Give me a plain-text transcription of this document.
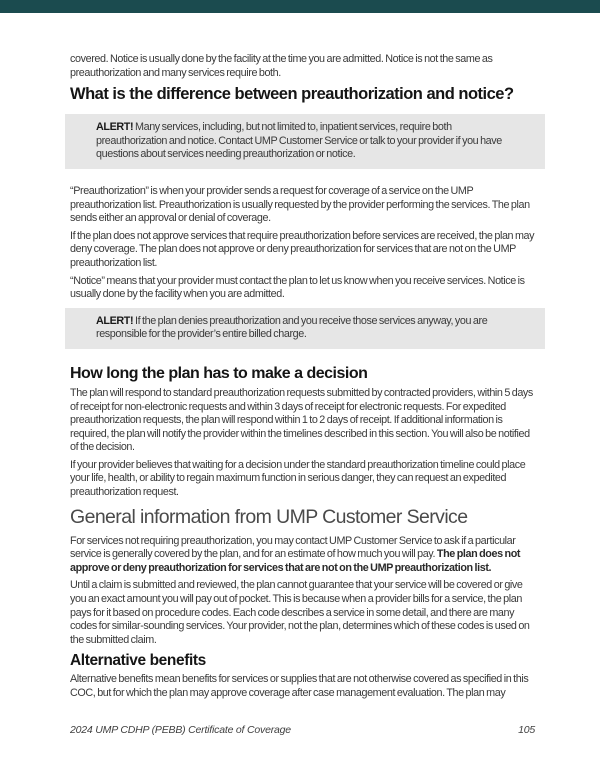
covered. Notice is usually done by the facility at the time you are admitted. Notice is not the same as preauthorization and many services require both.

What is the difference between preauthorization and notice?

ALERT! Many services, including, but not limited to, inpatient services, require both preauthorization and notice. Contact UMP Customer Service or talk to your provider if you have questions about services needing preauthorization or notice.

“Preauthorization” is when your provider sends a request for coverage of a service on the UMP preauthorization list. Preauthorization is usually requested by the provider performing the services. The plan sends either an approval or denial of coverage.

If the plan does not approve services that require preauthorization before services are received, the plan may deny coverage. The plan does not approve or deny preauthorization for services that are not on the UMP preauthorization list.

“Notice” means that your provider must contact the plan to let us know when you receive services. Notice is usually done by the facility when you are admitted.

ALERT! If the plan denies preauthorization and you receive those services anyway, you are responsible for the provider’s entire billed charge.

How long the plan has to make a decision

The plan will respond to standard preauthorization requests submitted by contracted providers, within 5 days of receipt for non-electronic requests and within 3 days of receipt for electronic requests. For expedited preauthorization requests, the plan will respond within 1 to 2 days of receipt. If additional information is required, the plan will notify the provider within the timelines described in this section. You will also be notified of the decision.

If your provider believes that waiting for a decision under the standard preauthorization timeline could place your life, health, or ability to regain maximum function in serious danger, they can request an expedited preauthorization request.

General information from UMP Customer Service

For services not requiring preauthorization, you may contact UMP Customer Service to ask if a particular service is generally covered by the plan, and for an estimate of how much you will pay. The plan does not approve or deny preauthorization for services that are not on the UMP preauthorization list.

Until a claim is submitted and reviewed, the plan cannot guarantee that your service will be covered or give you an exact amount you will pay out of pocket. This is because when a provider bills for a service, the plan pays for it based on procedure codes. Each code describes a service in some detail, and there are many codes for similar-sounding services. Your provider, not the plan, determines which of these codes is used on the submitted claim.

Alternative benefits

Alternative benefits mean benefits for services or supplies that are not otherwise covered as specified in this COC, but for which the plan may approve coverage after case management evaluation. The plan may

2024 UMP CDHP (PEBB) Certificate of Coverage	105
